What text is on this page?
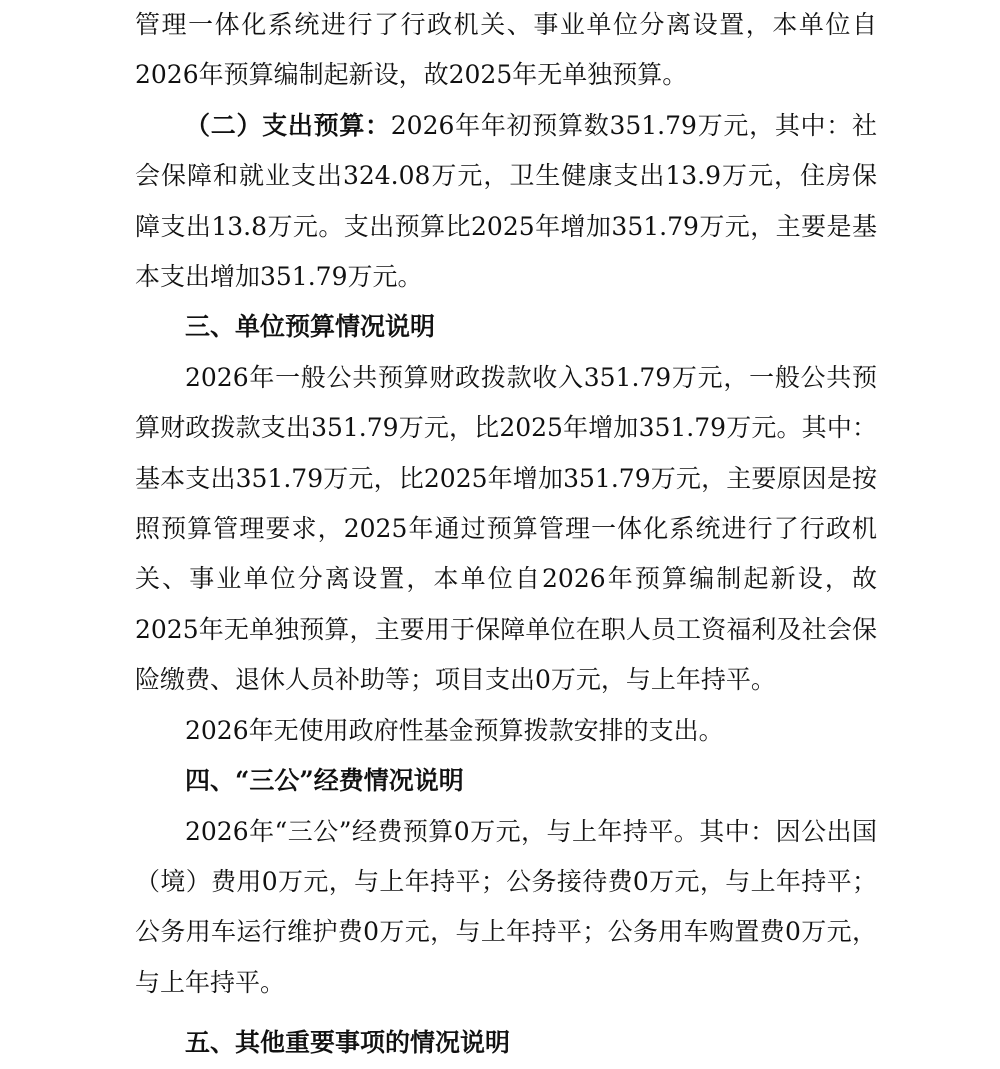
管理一体化系统进行了行政机关、事业单位分离设置，本单位自2026年预算编制起新设，故2025年无单独预算。

（二）支出预算：2026年年初预算数351.79万元，其中：社会保障和就业支出324.08万元，卫生健康支出13.9万元，住房保障支出13.8万元。支出预算比2025年增加351.79万元，主要是基本支出增加351.79万元。

三、单位预算情况说明

2026年一般公共预算财政拨款收入351.79万元，一般公共预算财政拨款支出351.79万元，比2025年增加351.79万元。其中：基本支出351.79万元，比2025年增加351.79万元，主要原因是按照预算管理要求，2025年通过预算管理一体化系统进行了行政机关、事业单位分离设置，本单位自2026年预算编制起新设，故2025年无单独预算，主要用于保障单位在职人员工资福利及社会保险缴费、退休人员补助等；项目支出0万元，与上年持平。

2026年无使用政府性基金预算拨款安排的支出。

四、“三公”经费情况说明

2026年“三公”经费预算0万元，与上年持平。其中：因公出国（境）费用0万元，与上年持平；公务接待费0万元，与上年持平；公务用车运行维护费0万元，与上年持平；公务用车购置费0万元，与上年持平。

五、其他重要事项的情况说明
